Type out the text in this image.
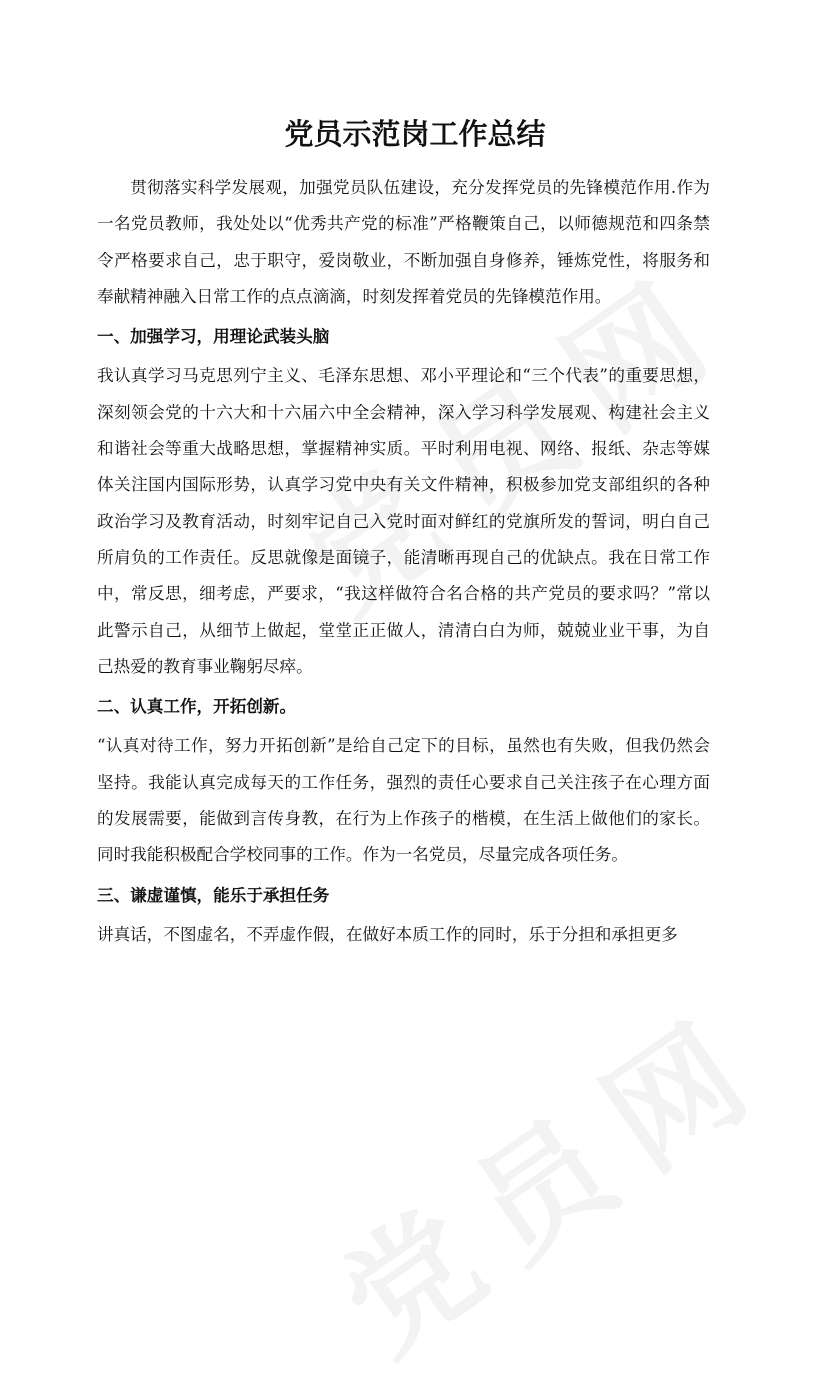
党员示范岗工作总结

贯彻落实科学发展观，加强党员队伍建设，充分发挥党员的先锋模范作用.作为一名党员教师，我处处以“优秀共产党的标准”严格鞭策自己，以师德规范和四条禁令严格要求自己，忠于职守，爱岗敬业，不断加强自身修养，锤炼党性，将服务和奉献精神融入日常工作的点点滴滴，时刻发挥着党员的先锋模范作用。

一、加强学习，用理论武装头脑

我认真学习马克思列宁主义、毛泽东思想、邓小平理论和“三个代表”的重要思想，深刻领会党的十六大和十六届六中全会精神，深入学习科学发展观、构建社会主义和谐社会等重大战略思想，掌握精神实质。平时利用电视、网络、报纸、杂志等媒体关注国内国际形势，认真学习党中央有关文件精神，积极参加党支部组织的各种政治学习及教育活动，时刻牢记自己入党时面对鲜红的党旗所发的誓词，明白自己所肩负的工作责任。反思就像是面镜子，能清晰再现自己的优缺点。我在日常工作中，常反思，细考虑，严要求，“我这样做符合名合格的共产党员的要求吗？”常以此警示自己，从细节上做起，堂堂正正做人，清清白白为师，兢兢业业干事，为自己热爱的教育事业鞠躬尽瘁。

二、认真工作，开拓创新。

“认真对待工作，努力开拓创新”是给自己定下的目标，虽然也有失败，但我仍然会坚持。我能认真完成每天的工作任务，强烈的责任心要求自己关注孩子在心理方面的发展需要，能做到言传身教，在行为上作孩子的楷模，在生活上做他们的家长。同时我能积极配合学校同事的工作。作为一名党员，尽量完成各项任务。

三、谦虚谨慎，能乐于承担任务

讲真话，不图虚名，不弄虚作假，在做好本质工作的同时，乐于分担和承担更多
